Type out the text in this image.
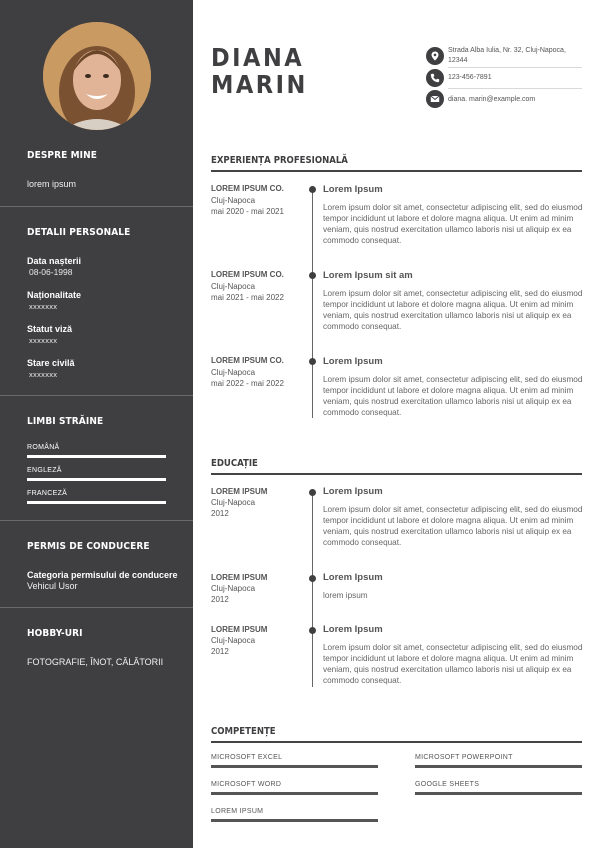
DESPRE MINE
lorem ipsum
DETALII PERSONALE
Data nașterii
08-06-1998
Naționalitate
xxxxxxx
Statut viză
xxxxxxx
Stare civilă
xxxxxxx
LIMBI STRĂINE
ROMÂNĂ
ENGLEZĂ
FRANCEZĂ
PERMIS DE CONDUCERE
Categoria permisului de conducere
Vehicul Usor
HOBBY-URI
FOTOGRAFIE, ÎNOT, CĂLĂTORII
DIANA
MARIN
Strada Alba Iulia, Nr. 32, Cluj-Napoca, 12344
123-456-7891
diana. marin@example.com
EXPERIENȚA PROFESIONALĂ
LOREM IPSUM CO.
Cluj-Napoca
mai 2020 - mai 2021
Lorem Ipsum
Lorem ipsum dolor sit amet, consectetur adipiscing elit, sed do eiusmod tempor incididunt ut labore et dolore magna aliqua. Ut enim ad minim veniam, quis nostrud exercitation ullamco laboris nisi ut aliquip ex ea commodo consequat.
LOREM IPSUM CO.
Cluj-Napoca
mai 2021 - mai 2022
Lorem Ipsum sit am
Lorem ipsum dolor sit amet, consectetur adipiscing elit, sed do eiusmod tempor incididunt ut labore et dolore magna aliqua. Ut enim ad minim veniam, quis nostrud exercitation ullamco laboris nisi ut aliquip ex ea commodo consequat.
LOREM IPSUM CO.
Cluj-Napoca
mai 2022 - mai 2022
Lorem Ipsum
Lorem ipsum dolor sit amet, consectetur adipiscing elit, sed do eiusmod tempor incididunt ut labore et dolore magna aliqua. Ut enim ad minim veniam, quis nostrud exercitation ullamco laboris nisi ut aliquip ex ea commodo consequat.
EDUCAȚIE
LOREM IPSUM
Cluj-Napoca
2012
Lorem Ipsum
Lorem ipsum dolor sit amet, consectetur adipiscing elit, sed do eiusmod tempor incididunt ut labore et dolore magna aliqua. Ut enim ad minim veniam, quis nostrud exercitation ullamco laboris nisi ut aliquip ex ea commodo consequat.
LOREM IPSUM
Cluj-Napoca
2012
Lorem Ipsum
lorem ipsum
LOREM IPSUM
Cluj-Napoca
2012
Lorem Ipsum
Lorem ipsum dolor sit amet, consectetur adipiscing elit, sed do eiusmod tempor incididunt ut labore et dolore magna aliqua. Ut enim ad minim veniam, quis nostrud exercitation ullamco laboris nisi ut aliquip ex ea commodo consequat.
COMPETENȚE
MICROSOFT EXCEL	MICROSOFT POWERPOINT
MICROSOFT WORD	GOOGLE SHEETS
LOREM IPSUM
